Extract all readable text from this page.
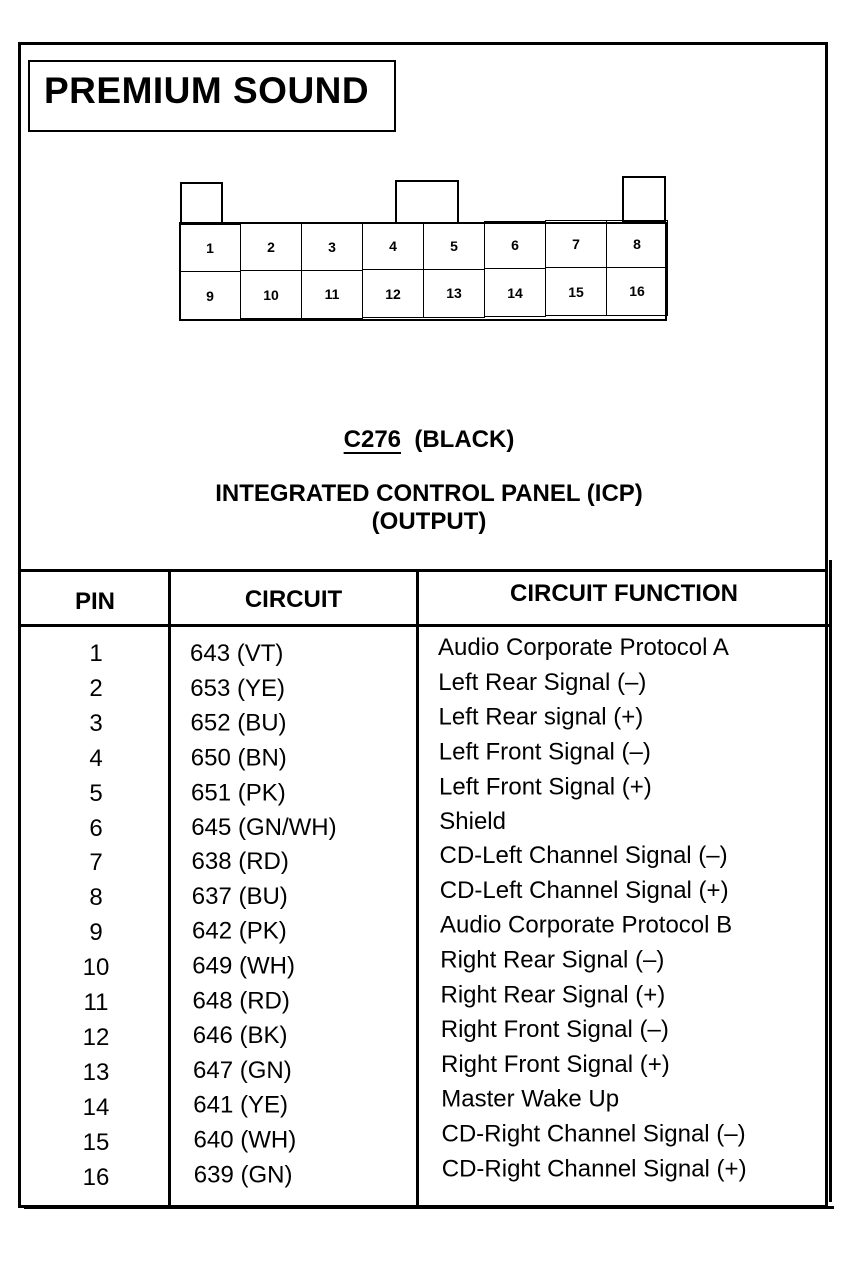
PREMIUM SOUND
1	2	3	4	5	6	7	8
9	10	11	12	13	14	15	16
C276 (BLACK)
INTEGRATED CONTROL PANEL (ICP)
(OUTPUT)
PIN	CIRCUIT	CIRCUIT FUNCTION
1	643 (VT)	Audio Corporate Protocol A
2	653 (YE)	Left Rear Signal (–)
3	652 (BU)	Left Rear signal (+)
4	650 (BN)	Left Front Signal (–)
5	651 (PK)	Left Front Signal (+)
6	645 (GN/WH)	Shield
7	638 (RD)	CD-Left Channel Signal (–)
8	637 (BU)	CD-Left Channel Signal (+)
9	642 (PK)	Audio Corporate Protocol B
10	649 (WH)	Right Rear Signal (–)
11	648 (RD)	Right Rear Signal (+)
12	646 (BK)	Right Front Signal (–)
13	647 (GN)	Right Front Signal (+)
14	641 (YE)	Master Wake Up
15	640 (WH)	CD-Right Channel Signal (–)
16	639 (GN)	CD-Right Channel Signal (+)
